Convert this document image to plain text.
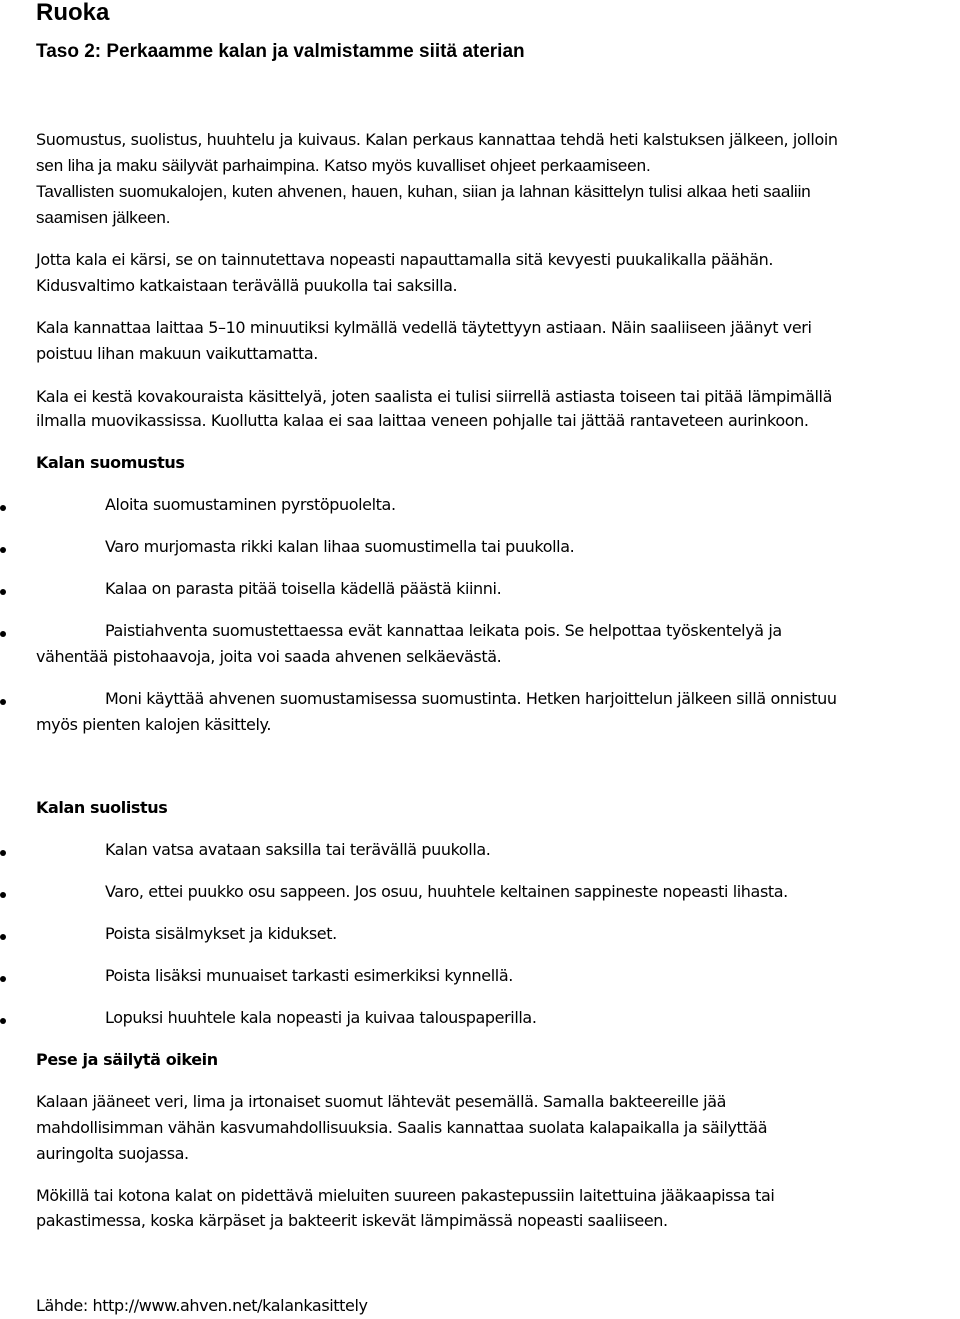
Ruoka
Taso 2: Perkaamme kalan ja valmistamme siitä aterian
Suomustus, suolistus, huuhtelu ja kuivaus. Kalan perkaus kannattaa tehdä heti kalstuksen jälkeen, jolloin
sen liha ja maku säilyvät parhaimpina. Katso myös kuvalliset ohjeet perkaamiseen.
Tavallisten suomukalojen, kuten ahvenen, hauen, kuhan, siian ja lahnan käsittelyn tulisi alkaa heti saaliin
saamisen jälkeen.
Jotta kala ei kärsi, se on tainnutettava nopeasti napauttamalla sitä kevyesti puukalikalla päähän.
Kidusvaltimo katkaistaan terävällä puukolla tai saksilla.
Kala kannattaa laittaa 5–10 minuutiksi kylmällä vedellä täytettyyn astiaan. Näin saaliiseen jäänyt veri
poistuu lihan makuun vaikuttamatta.
Kala ei kestä kovakouraista käsittelyä, joten saalista ei tulisi siirrellä astiasta toiseen tai pitää lämpimällä
ilmalla muovikassissa. Kuollutta kalaa ei saa laittaa veneen pohjalle tai jättää rantaveteen aurinkoon.
Kalan suomustus
Aloita suomustaminen pyrstöpuolelta.
Varo murjomasta rikki kalan lihaa suomustimella tai puukolla.
Kalaa on parasta pitää toisella kädellä päästä kiinni.
Paistiahventa suomustettaessa evät kannattaa leikata pois. Se helpottaa työskentelyä ja
vähentää pistohaavoja, joita voi saada ahvenen selkäevästä.
Moni käyttää ahvenen suomustamisessa suomustinta. Hetken harjoittelun jälkeen sillä onnistuu
myös pienten kalojen käsittely.
Kalan suolistus
Kalan vatsa avataan saksilla tai terävällä puukolla.
Varo, ettei puukko osu sappeen. Jos osuu, huuhtele keltainen sappineste nopeasti lihasta.
Poista sisälmykset ja kidukset.
Poista lisäksi munuaiset tarkasti esimerkiksi kynnellä.
Lopuksi huuhtele kala nopeasti ja kuivaa talouspaperilla.
Pese ja säilytä oikein
Kalaan jääneet veri, lima ja irtonaiset suomut lähtevät pesemällä. Samalla bakteereille jää
mahdollisimman vähän kasvumahdollisuuksia. Saalis kannattaa suolata kalapaikalla ja säilyttää
auringolta suojassa.
Mökillä tai kotona kalat on pidettävä mieluiten suureen pakastepussiin laitettuina jääkaapissa tai
pakastimessa, koska kärpäset ja bakteerit iskevät lämpimässä nopeasti saaliiseen.
Lähde: http://www.ahven.net/kalankasittely
